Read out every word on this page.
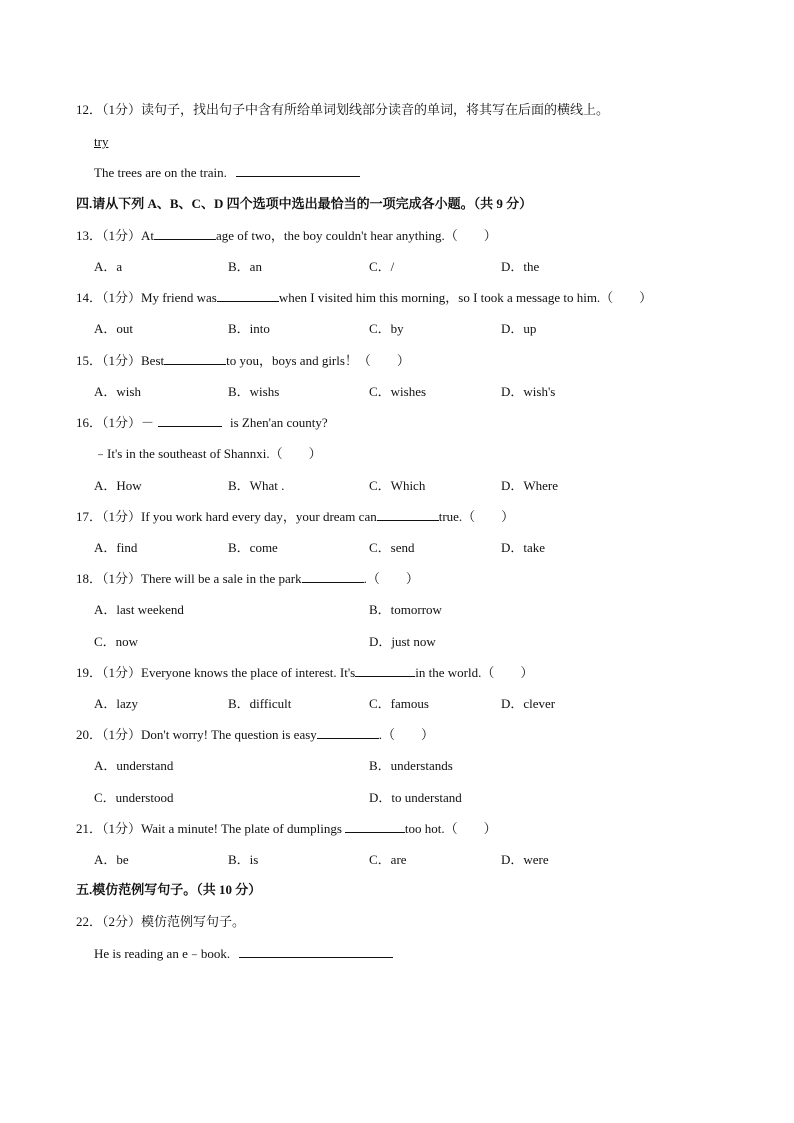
12．（1分）读句子，找出句子中含有所给单词划线部分读音的单词，将其写在后面的横线上。
try
The trees are on the train.
四.请从下列 A、B、C、D 四个选项中选出最恰当的一项完成各小题。（共 9 分）
13．（1分）At	age of two，the boy couldn't hear anything.（　　）
A．a	B．an	C．/	D．the
14．（1分）My friend was	when I visited him this morning，so I took a message to him.（　　）
A．out	B．into	C．by	D．up
15．（1分）Best	to you，boys and girls！（　　）
A．wish	B．wishs	C．wishes	D．wish's
16．（1分）－	is Zhen'an county?
﹣It's in the southeast of Shannxi.（　　）
A．How	B．What .	C．Which	D．Where
17．（1分）If you work hard every day，your dream can	true.（　　）
A．find	B．come	C．send	D．take
18．（1分）There will be a sale in the park	.（　　）
A．last weekend	B．tomorrow
C．now	D．just now
19．（1分）Everyone knows the place of interest. It's	in the world.（　　）
A．lazy	B．difficult	C．famous	D．clever
20．（1分）Don't worry! The question is easy	.（　　）
A．understand	B．understands
C．understood	D．to understand
21．（1分）Wait a minute! The plate of dumplings	too hot.（　　）
A．be	B．is	C．are	D．were
五.模仿范例写句子。（共 10 分）
22．（2分）模仿范例写句子。
He is reading an e﹣book.
